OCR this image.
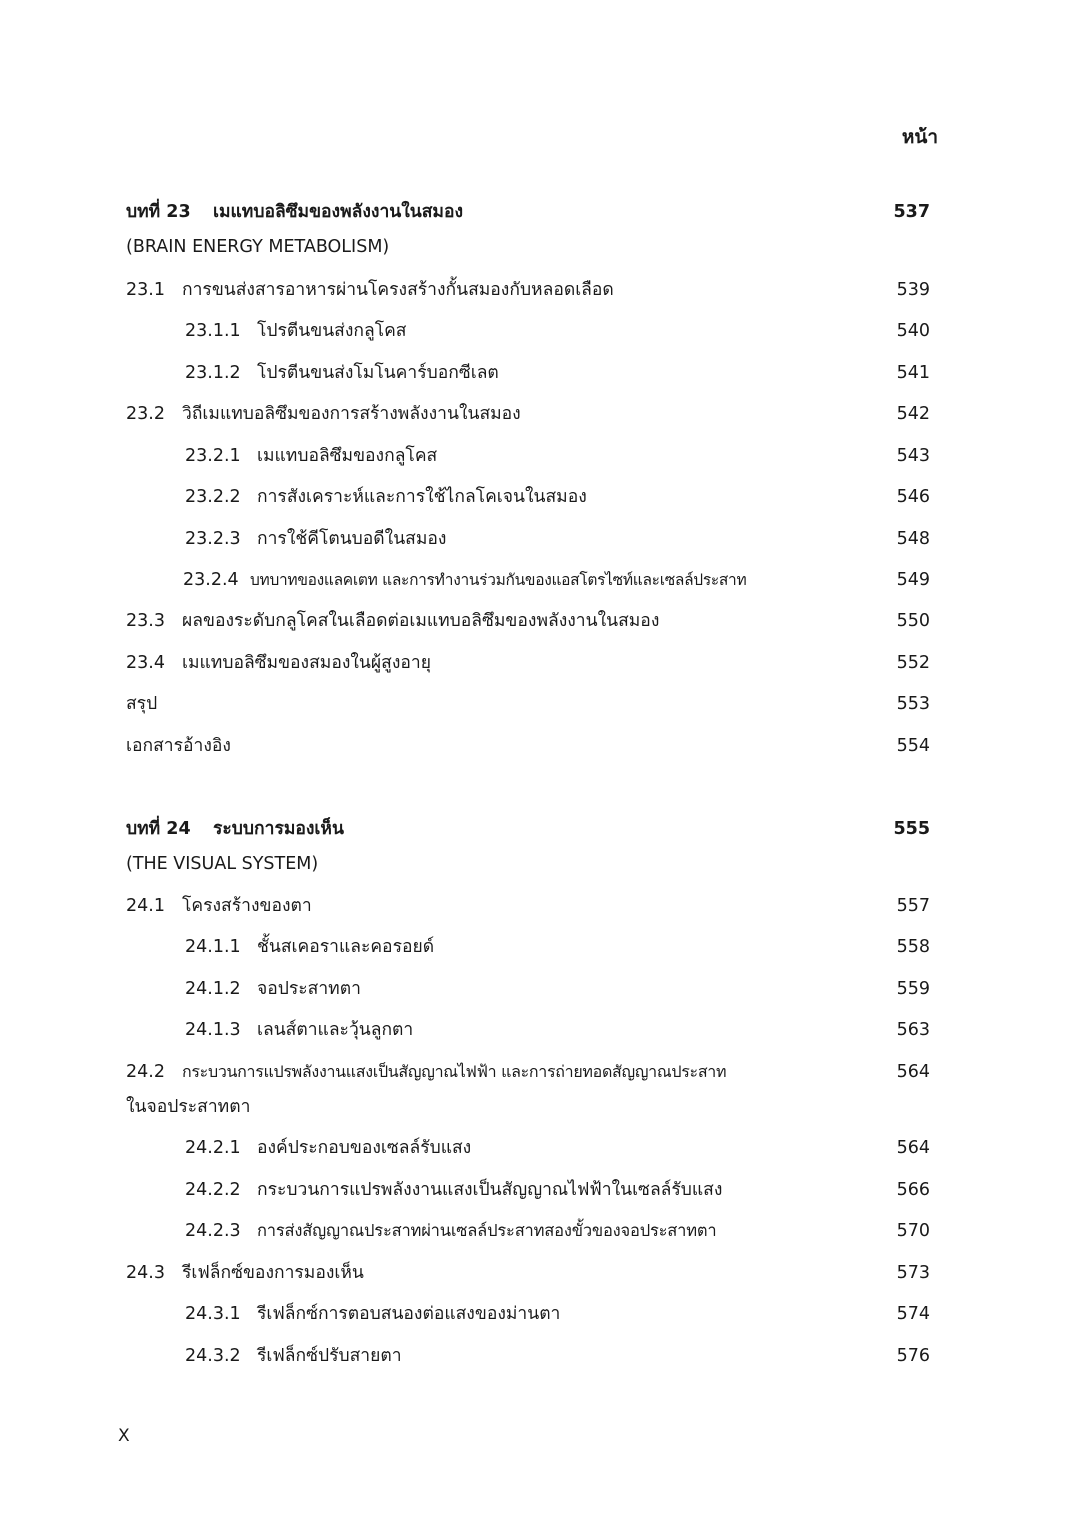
หน้า
บทที่ 23 เมแทบอลิซึมของพลังงานในสมอง	537
(BRAIN ENERGY METABOLISM)
23.1 การขนส่งสารอาหารผ่านโครงสร้างกั้นสมองกับหลอดเลือด	539
23.1.1 โปรตีนขนส่งกลูโคส	540
23.1.2 โปรตีนขนส่งโมโนคาร์บอกซีเลต	541
23.2 วิถีเมแทบอลิซึมของการสร้างพลังงานในสมอง	542
23.2.1 เมแทบอลิซึมของกลูโคส	543
23.2.2 การสังเคราะห์และการใช้ไกลโคเจนในสมอง	546
23.2.3 การใช้คีโตนบอดีในสมอง	548
23.2.4 บทบาทของแลคเตท และการทำงานร่วมกันของแอสโตรไซท์และเซลล์ประสาท	549
23.3 ผลของระดับกลูโคสในเลือดต่อเมแทบอลิซึมของพลังงานในสมอง	550
23.4 เมแทบอลิซึมของสมองในผู้สูงอายุ	552
สรุป	553
เอกสารอ้างอิง	554
บทที่ 24 ระบบการมองเห็น	555
(THE VISUAL SYSTEM)
24.1 โครงสร้างของตา	557
24.1.1 ชั้นสเคอราและคอรอยด์	558
24.1.2 จอประสาทตา	559
24.1.3 เลนส์ตาและวุ้นลูกตา	563
24.2 กระบวนการแปรพลังงานแสงเป็นสัญญาณไฟฟ้า และการถ่ายทอดสัญญาณประสาท	564
ในจอประสาทตา
24.2.1 องค์ประกอบของเซลล์รับแสง	564
24.2.2 กระบวนการแปรพลังงานแสงเป็นสัญญาณไฟฟ้าในเซลล์รับแสง	566
24.2.3 การส่งสัญญาณประสาทผ่านเซลล์ประสาทสองขั้วของจอประสาทตา	570
24.3 รีเฟล็กซ์ของการมองเห็น	573
24.3.1 รีเฟล็กซ์การตอบสนองต่อแสงของม่านตา	574
24.3.2 รีเฟล็กซ์ปรับสายตา	576
X
